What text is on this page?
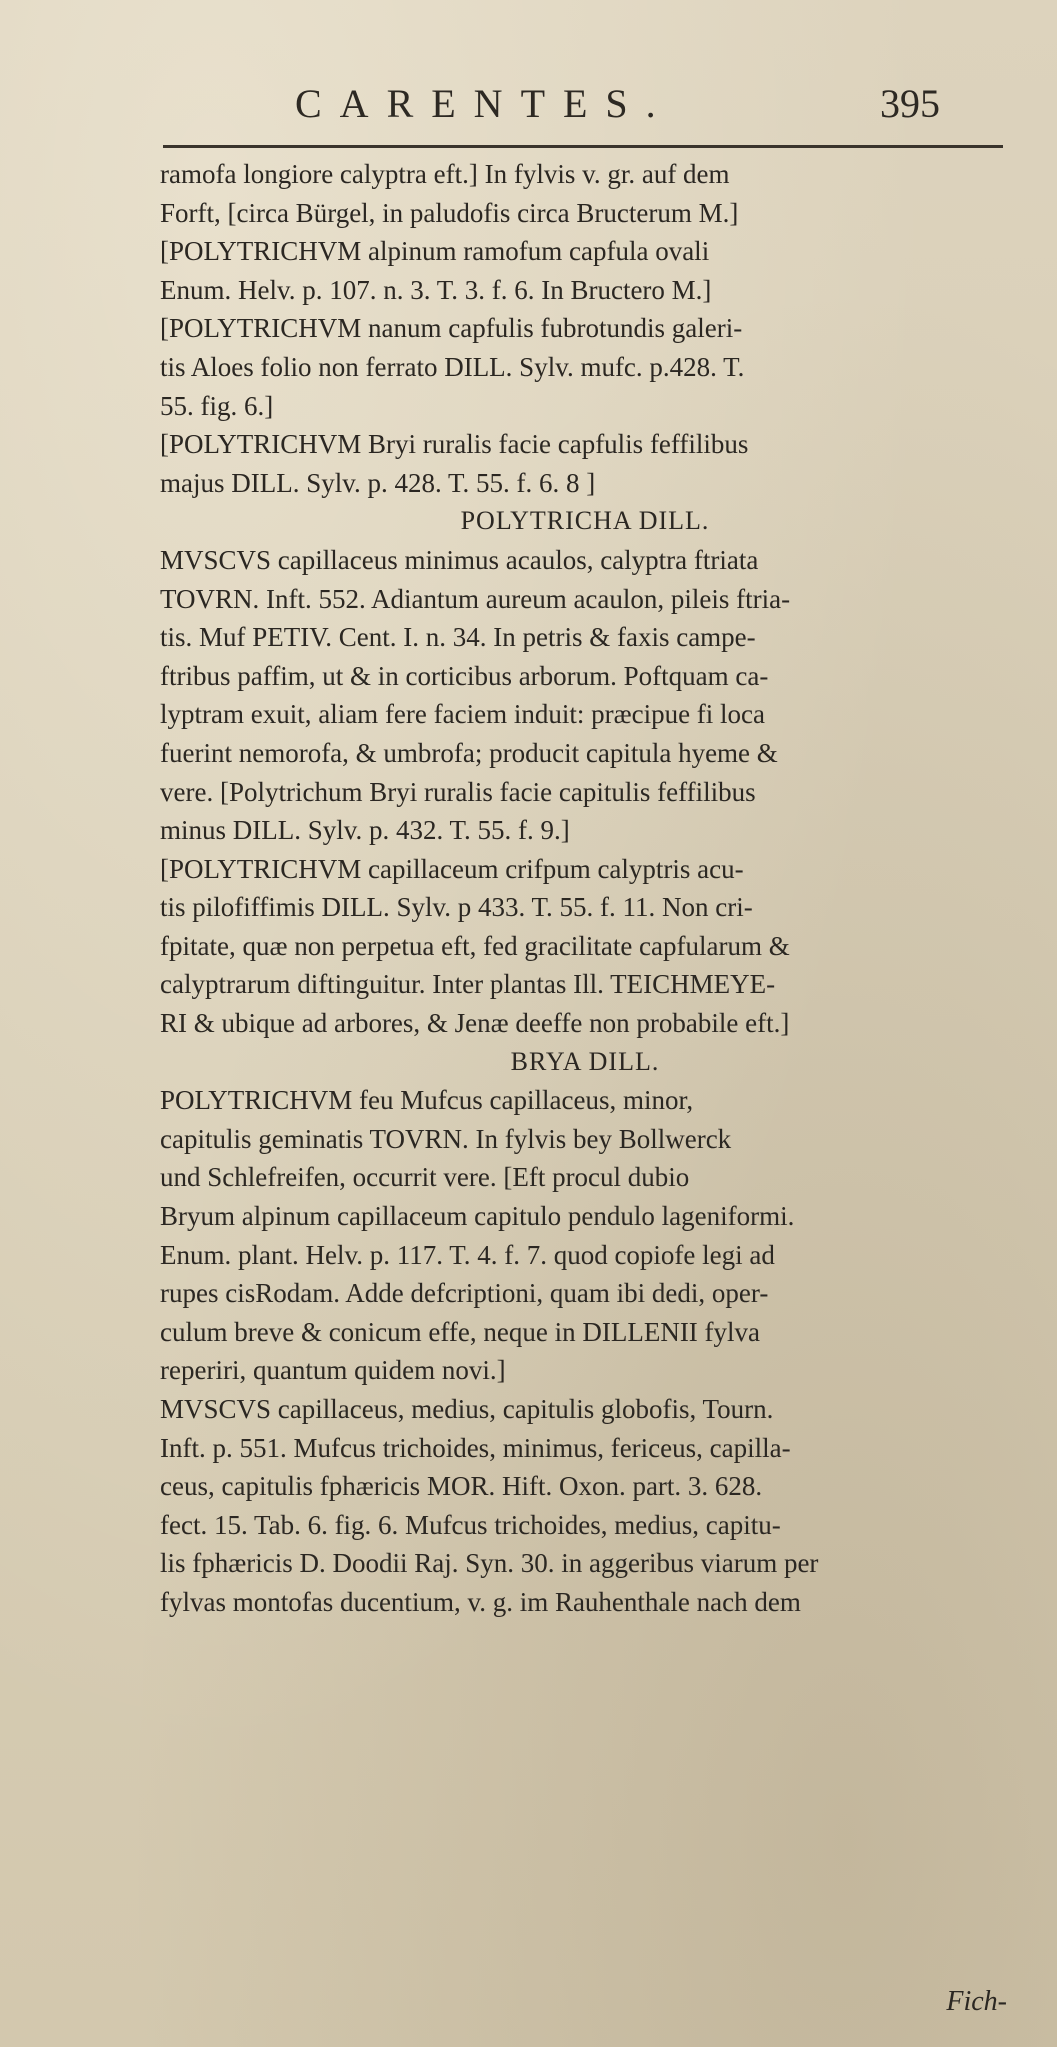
CARENTES.	395
ramofa longiore calyptra eft.] In fylvis v. gr. auf dem
Forft, [circa Bürgel, in paludofis circa Bructerum M.]
[POLYTRICHVM alpinum ramofum capfula ovali
Enum. Helv. p. 107. n. 3. T. 3. f. 6. In Bructero M.]
[POLYTRICHVM nanum capfulis fubrotundis galeri-
tis Aloes folio non ferrato DILL. Sylv. mufc. p.428. T.
55. fig. 6.]
[POLYTRICHVM Bryi ruralis facie capfulis feffilibus
majus DILL. Sylv. p. 428. T. 55. f. 6. 8 ]
POLYTRICHA DILL.
MVSCVS capillaceus minimus acaulos, calyptra ftriata
TOVRN. Inft. 552. Adiantum aureum acaulon, pileis ftria-
tis. Muf PETIV. Cent. I. n. 34. In petris & faxis campe-
ftribus paffim, ut & in corticibus arborum. Poftquam ca-
lyptram exuit, aliam fere faciem induit: præcipue fi loca
fuerint nemorofa, & umbrofa; producit capitula hyeme &
vere. [Polytrichum Bryi ruralis facie capitulis feffilibus
minus DILL. Sylv. p. 432. T. 55. f. 9.]
[POLYTRICHVM capillaceum crifpum calyptris acu-
tis pilofiffimis DILL. Sylv. p 433. T. 55. f. 11. Non cri-
fpitate, quæ non perpetua eft, fed gracilitate capfularum &
calyptrarum diftinguitur. Inter plantas Ill. TEICHMEYE-
RI & ubique ad arbores, & Jenæ deeffe non probabile eft.]
BRYA DILL.
POLYTRICHVM feu Mufcus capillaceus, minor,
capitulis geminatis TOVRN. In fylvis bey Bollwerck
und Schlefreifen, occurrit vere. [Eft procul dubio
Bryum alpinum capillaceum capitulo pendulo lageniformi.
Enum. plant. Helv. p. 117. T. 4. f. 7. quod copiofe legi ad
rupes cisRodam. Adde defcriptioni, quam ibi dedi, oper-
culum breve & conicum effe, neque in DILLENII fylva
reperiri, quantum quidem novi.]
MVSCVS capillaceus, medius, capitulis globofis, Tourn.
Inft. p. 551. Mufcus trichoides, minimus, fericeus, capilla-
ceus, capitulis fphæricis MOR. Hift. Oxon. part. 3. 628.
fect. 15. Tab. 6. fig. 6. Mufcus trichoides, medius, capitu-
lis fphæricis D. Doodii Raj. Syn. 30. in aggeribus viarum per
fylvas montofas ducentium, v. g. im Rauhenthale nach dem
Fich-
